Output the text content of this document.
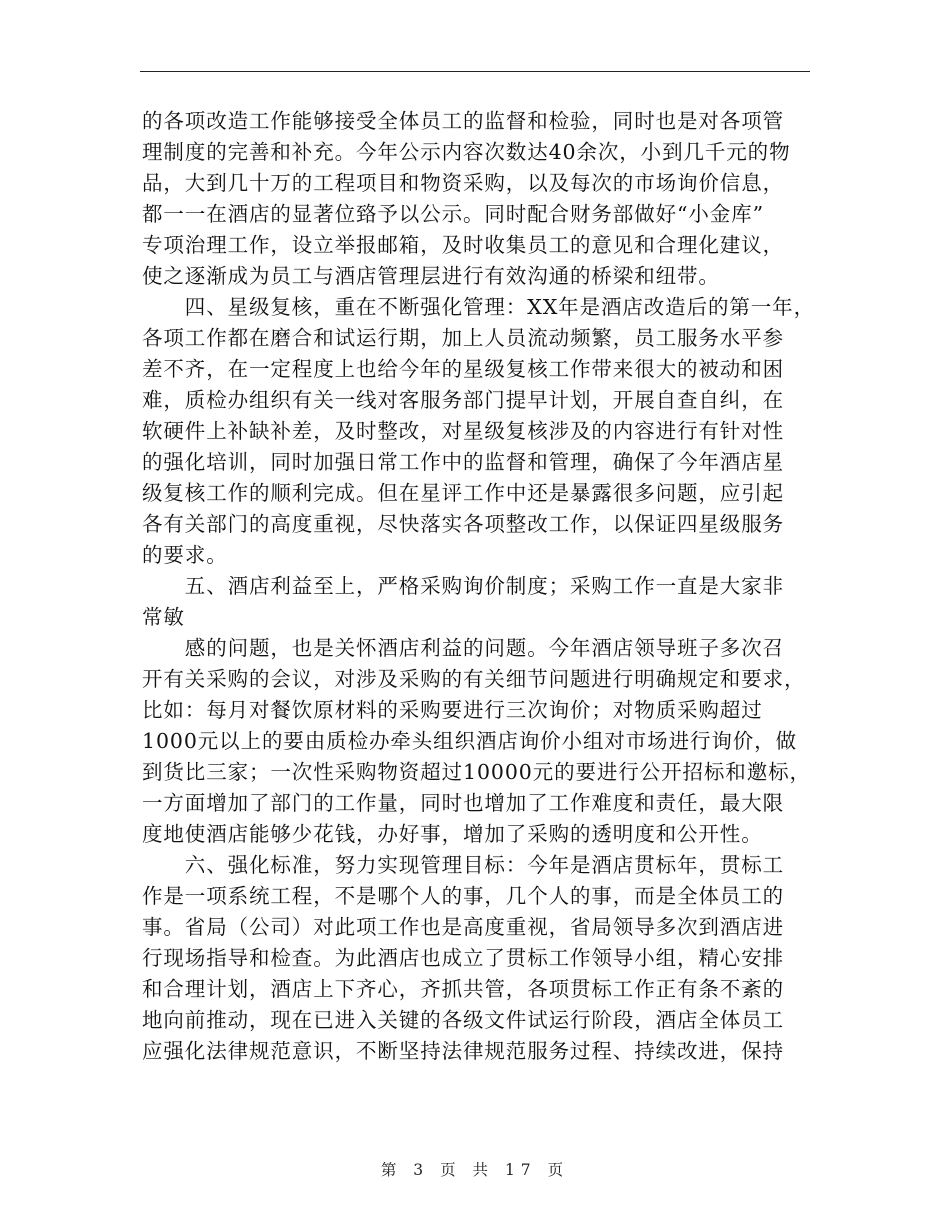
的各项改造工作能够接受全体员工的监督和检验，同时也是对各项管
理制度的完善和补充。今年公示内容次数达40余次，小到几千元的物
品，大到几十万的工程项目和物资采购，以及每次的市场询价信息，
都一一在酒店的显著位臵予以公示。同时配合财务部做好“小金库”
专项治理工作，设立举报邮箱，及时收集员工的意见和合理化建议，
使之逐渐成为员工与酒店管理层进行有效沟通的桥梁和纽带。
　　四、星级复核，重在不断强化管理：XX年是酒店改造后的第一年，
各项工作都在磨合和试运行期，加上人员流动频繁，员工服务水平参
差不齐，在一定程度上也给今年的星级复核工作带来很大的被动和困
难，质检办组织有关一线对客服务部门提早计划，开展自查自纠，在
软硬件上补缺补差，及时整改，对星级复核涉及的内容进行有针对性
的强化培训，同时加强日常工作中的监督和管理，确保了今年酒店星
级复核工作的顺利完成。但在星评工作中还是暴露很多问题，应引起
各有关部门的高度重视，尽快落实各项整改工作，以保证四星级服务
的要求。
　　五、酒店利益至上，严格采购询价制度；采购工作一直是大家非
常敏
　　感的问题，也是关怀酒店利益的问题。今年酒店领导班子多次召
开有关采购的会议，对涉及采购的有关细节问题进行明确规定和要求，
比如：每月对餐饮原材料的采购要进行三次询价；对物质采购超过
1000元以上的要由质检办牵头组织酒店询价小组对市场进行询价，做
到货比三家；一次性采购物资超过10000元的要进行公开招标和邀标，
一方面增加了部门的工作量，同时也增加了工作难度和责任，最大限
度地使酒店能够少花钱，办好事，增加了采购的透明度和公开性。
　　六、强化标准，努力实现管理目标：今年是酒店贯标年，贯标工
作是一项系统工程，不是哪个人的事，几个人的事，而是全体员工的
事。省局（公司）对此项工作也是高度重视，省局领导多次到酒店进
行现场指导和检查。为此酒店也成立了贯标工作领导小组，精心安排
和合理计划，酒店上下齐心，齐抓共管，各项贯标工作正有条不紊的
地向前推动，现在已进入关键的各级文件试运行阶段，酒店全体员工
应强化法律规范意识，不断坚持法律规范服务过程、持续改进，保持
第 3 页 共 17 页
